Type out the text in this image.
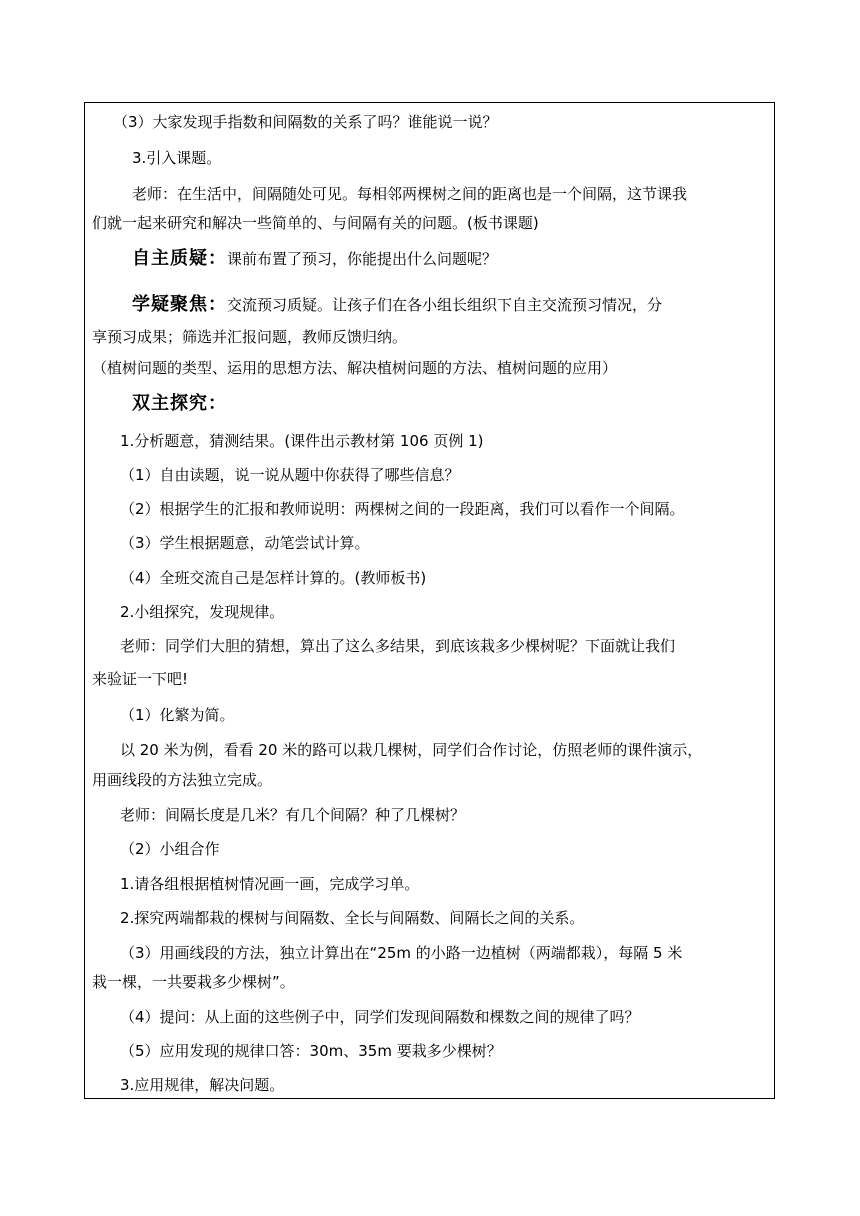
（3）大家发现手指数和间隔数的关系了吗？谁能说一说？
3.引入课题。
老师：在生活中，间隔随处可见。每相邻两棵树之间的距离也是一个间隔，这节课我
们就一起来研究和解决一些简单的、与间隔有关的问题。(板书课题)
自主质疑：课前布置了预习，你能提出什么问题呢？
学疑聚焦：交流预习质疑。让孩子们在各小组长组织下自主交流预习情况，分
享预习成果；筛选并汇报问题，教师反馈归纳。
（植树问题的类型、运用的思想方法、解决植树问题的方法、植树问题的应用）
双主探究：
1.分析题意，猜测结果。(课件出示教材第 106 页例 1)
（1）自由读题，说一说从题中你获得了哪些信息？
（2）根据学生的汇报和教师说明：两棵树之间的一段距离，我们可以看作一个间隔。
（3）学生根据题意，动笔尝试计算。
（4）全班交流自己是怎样计算的。(教师板书)
2.小组探究，发现规律。
老师：同学们大胆的猜想，算出了这么多结果，到底该栽多少棵树呢？下面就让我们
来验证一下吧!
（1）化繁为简。
以 20 米为例，看看 20 米的路可以栽几棵树，同学们合作讨论，仿照老师的课件演示，
用画线段的方法独立完成。
老师：间隔长度是几米？有几个间隔？种了几棵树？
（2）小组合作
1.请各组根据植树情况画一画，完成学习单。
2.探究两端都栽的棵树与间隔数、全长与间隔数、间隔长之间的关系。
（3）用画线段的方法，独立计算出在“25m 的小路一边植树（两端都栽），每隔 5 米
栽一棵，一共要栽多少棵树”。
（4）提问：从上面的这些例子中，同学们发现间隔数和棵数之间的规律了吗？
（5）应用发现的规律口答：30m、35m 要栽多少棵树？
3.应用规律，解决问题。
